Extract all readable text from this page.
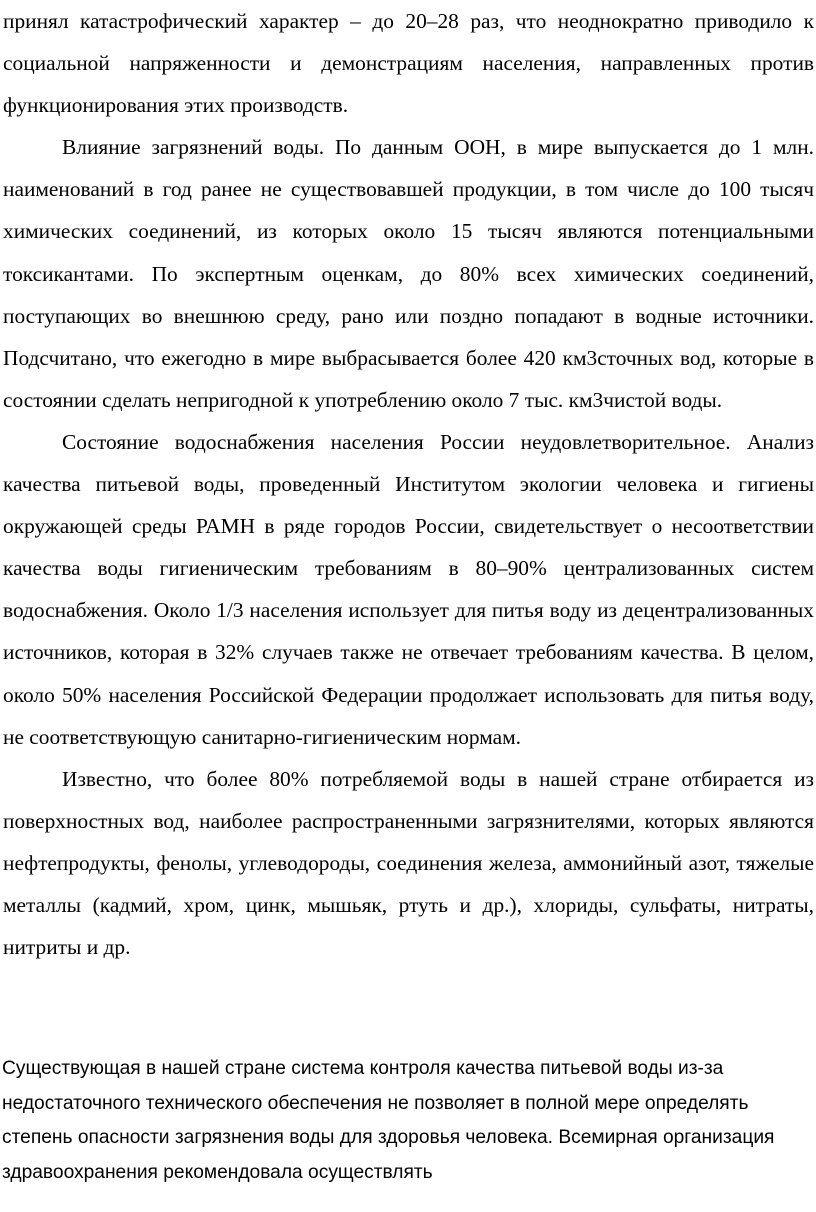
принял катастрофический характер – до 20–28 раз, что неоднократно приводило к социальной напряженности и демонстрациям населения, направленных против функционирования этих производств.

Влияние загрязнений воды. По данным ООН, в мире выпускается до 1 млн. наименований в год ранее не существовавшей продукции, в том числе до 100 тысяч химических соединений, из которых около 15 тысяч являются потенциальными токсикантами. По экспертным оценкам, до 80% всех химических соединений, поступающих во внешнюю среду, рано или поздно попадают в водные источники. Подсчитано, что ежегодно в мире выбрасывается более 420 км3сточных вод, которые в состоянии сделать непригодной к употреблению около 7 тыс. км3чистой воды.

Состояние водоснабжения населения России неудовлетворительное. Анализ качества питьевой воды, проведенный Институтом экологии человека и гигиены окружающей среды РАМН в ряде городов России, свидетельствует о несоответствии качества воды гигиеническим требованиям в 80–90% централизованных систем водоснабжения. Около 1/3 населения использует для питья воду из децентрализованных источников, которая в 32% случаев также не отвечает требованиям качества. В целом, около 50% населения Российской Федерации продолжает использовать для питья воду, не соответствующую санитарно-гигиеническим нормам.

Известно, что более 80% потребляемой воды в нашей стране отбирается из поверхностных вод, наиболее распространенными загрязнителями, которых являются нефтепродукты, фенолы, углеводороды, соединения железа, аммонийный азот, тяжелые металлы (кадмий, хром, цинк, мышьяк, ртуть и др.), хлориды, сульфаты, нитраты, нитриты и др.

Существующая в нашей стране система контроля качества питьевой воды из-за недостаточного технического обеспечения не позволяет в полной мере определять степень опасности загрязнения воды для здоровья человека. Всемирная организация здравоохранения рекомендовала осуществлять
